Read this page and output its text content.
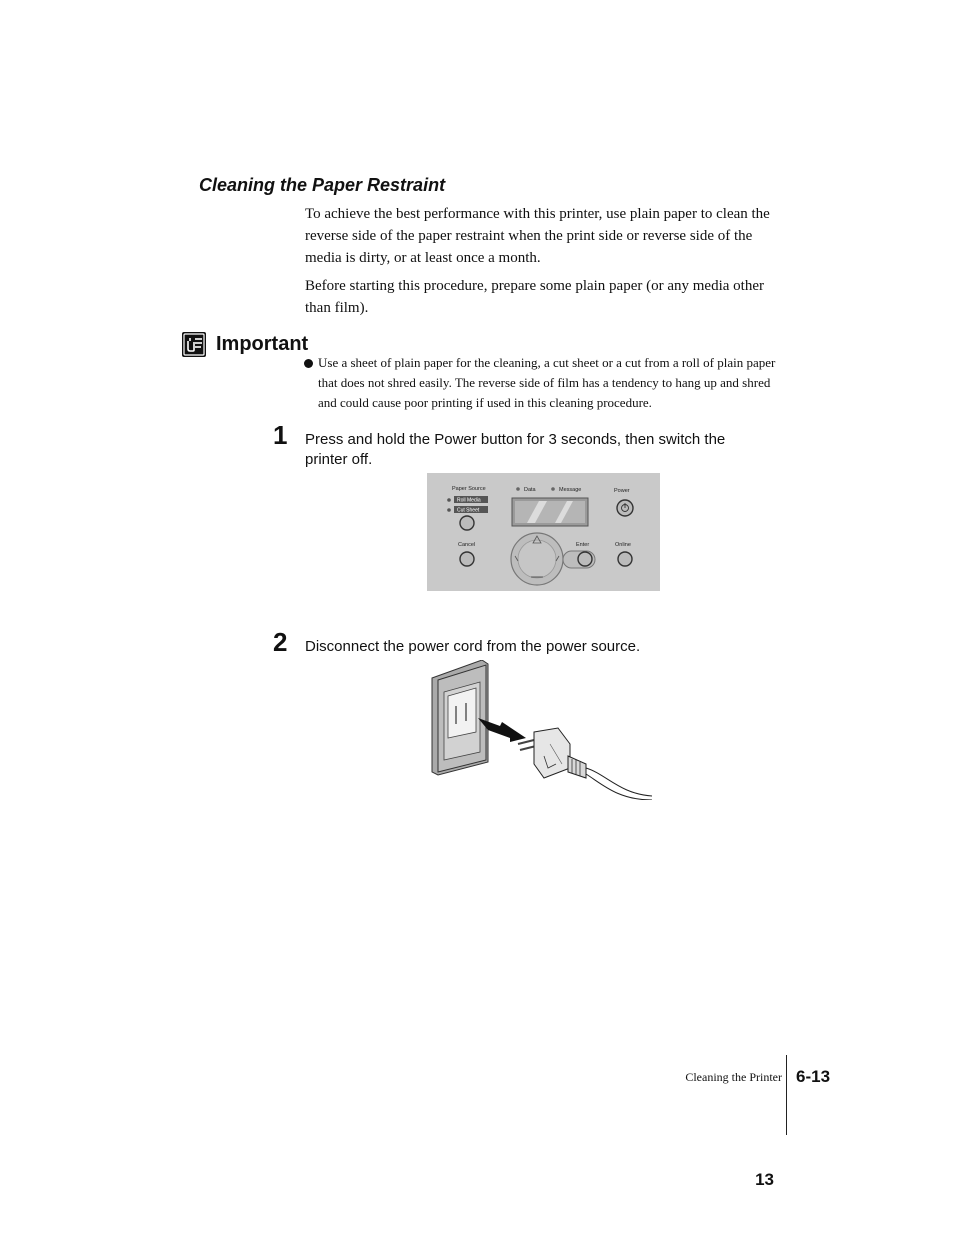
Cleaning the Paper Restraint

To achieve the best performance with this printer, use plain paper to clean the reverse side of the paper restraint when the print side or reverse side of the media is dirty, or at least once a month.

Before starting this procedure, prepare some plain paper (or any media other than film).

Important
Use a sheet of plain paper for the cleaning, a cut sheet or a cut from a roll of plain paper that does not shred easily. The reverse side of film has a tendency to hang up and shred and could cause poor printing if used in this cleaning procedure.
1 Press and hold the Power button for 3 seconds, then switch the printer off.
Paper Source
Roll Media
Cut Sheet
Data	Message	Power
Cancel	Enter	Online
2 Disconnect the power cord from the power source.
Cleaning the Printer 6-13
13
